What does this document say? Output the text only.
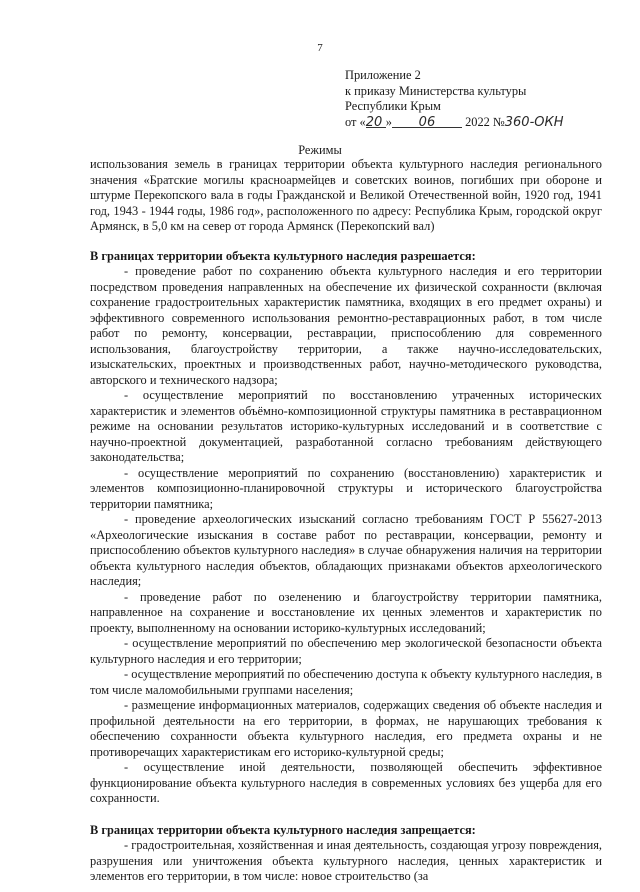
7
Приложение 2
к приказу Министерства культуры
Республики Крым
от «20 » 06 2022 №360-ОКН
Режимы

использования земель в границах территории объекта культурного наследия регионального значения «Братские могилы красноармейцев и советских воинов, погибших при обороне и штурме Перекопского вала в годы Гражданской и Великой Отечественной войн, 1920 год, 1941 год, 1943 - 1944 годы, 1986 год», расположенного по адресу: Республика Крым, городской округ Армянск, в 5,0 км на север от города Армянск (Перекопский вал)

В границах территории объекта культурного наследия разрешается:

- проведение работ по сохранению объекта культурного наследия и его территории посредством проведения направленных на обеспечение их физической сохранности (включая сохранение градостроительных характеристик памятника, входящих в его предмет охраны) и эффективного современного использования ремонтно-реставрационных работ, в том числе работ по ремонту, консервации, реставрации, приспособлению для современного использования, благоустройству территории, а также научно-исследовательских, изыскательских, проектных и производственных работ, научно-методического руководства, авторского и технического надзора;

- осуществление мероприятий по восстановлению утраченных исторических характеристик и элементов объёмно-композиционной структуры памятника в реставрационном режиме на основании результатов историко-культурных исследований и в соответствие с научно-проектной документацией, разработанной согласно требованиям действующего законодательства;

- осуществление мероприятий по сохранению (восстановлению) характеристик и элементов композиционно-планировочной структуры и исторического благоустройства территории памятника;

- проведение археологических изысканий согласно требованиям ГОСТ Р 55627-2013 «Археологические изыскания в составе работ по реставрации, консервации, ремонту и приспособлению объектов культурного наследия» в случае обнаружения наличия на территории объекта культурного наследия объектов, обладающих признаками объектов археологического наследия;

- проведение работ по озеленению и благоустройству территории памятника, направленное на сохранение и восстановление их ценных элементов и характеристик по проекту, выполненному на основании историко-культурных исследований;

- осуществление мероприятий по обеспечению мер экологической безопасности объекта культурного наследия и его территории;

- осуществление мероприятий по обеспечению доступа к объекту культурного наследия, в том числе маломобильными группами населения;

- размещение информационных материалов, содержащих сведения об объекте наследия и профильной деятельности на его территории, в формах, не нарушающих требования к обеспечению сохранности объекта культурного наследия, его предмета охраны и не противоречащих характеристикам его историко-культурной среды;

- осуществление иной деятельности, позволяющей обеспечить эффективное функционирование объекта культурного наследия в современных условиях без ущерба для его сохранности.

В границах территории объекта культурного наследия запрещается:

- градостроительная, хозяйственная и иная деятельность, создающая угрозу повреждения, разрушения или уничтожения объекта культурного наследия, ценных характеристик и элементов его территории, в том числе: новое строительство (за
